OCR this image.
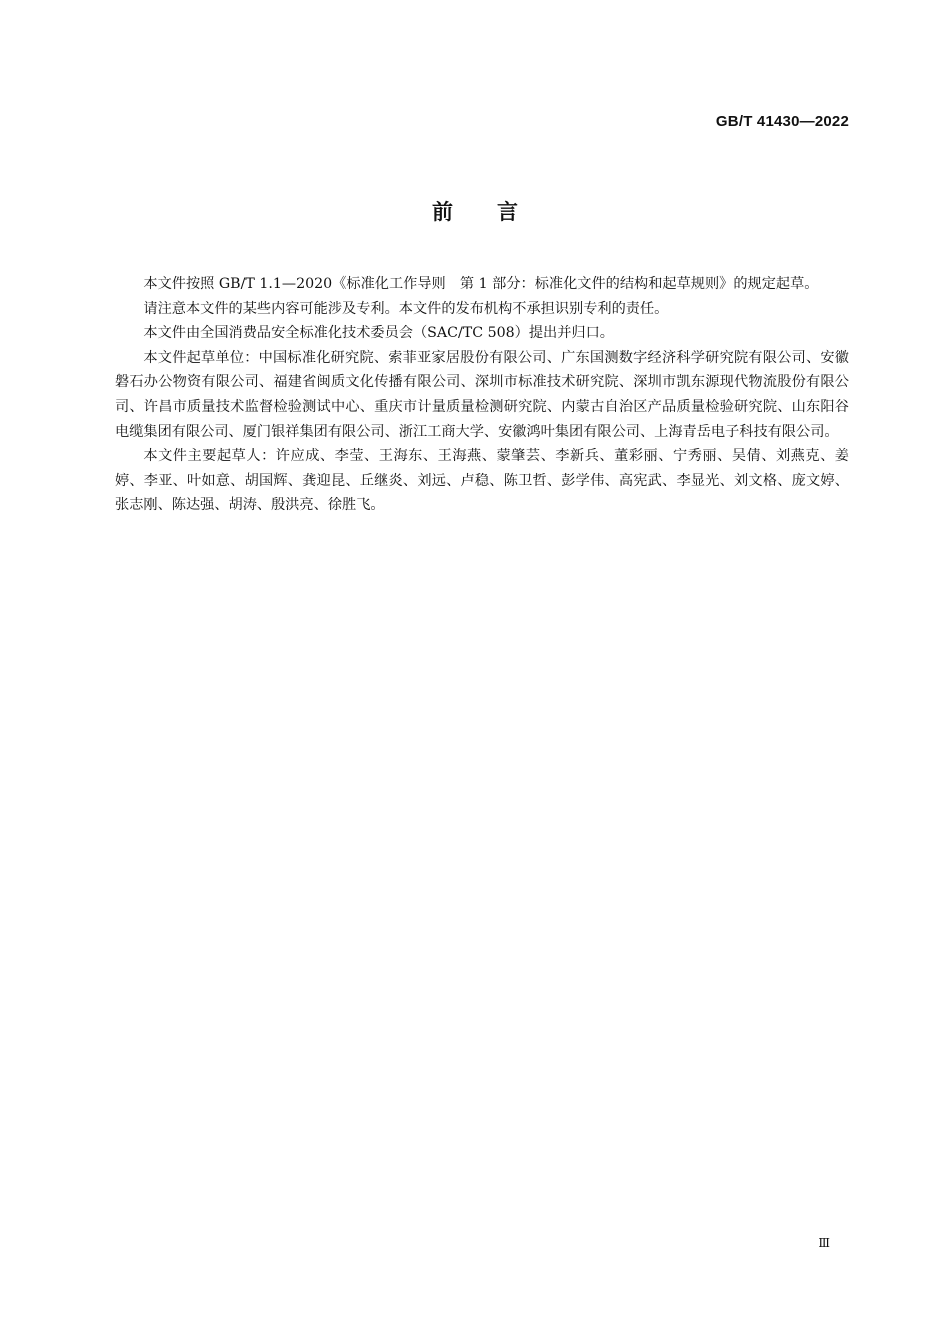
GB/T 41430—2022
前言

本文件按照 GB/T 1.1—2020《标准化工作导则　第 1 部分：标准化文件的结构和起草规则》的规定起草。

请注意本文件的某些内容可能涉及专利。本文件的发布机构不承担识别专利的责任。

本文件由全国消费品安全标准化技术委员会（SAC/TC 508）提出并归口。

本文件起草单位：中国标准化研究院、索菲亚家居股份有限公司、广东国测数字经济科学研究院有限公司、安徽磐石办公物资有限公司、福建省闽质文化传播有限公司、深圳市标准技术研究院、深圳市凯东源现代物流股份有限公司、许昌市质量技术监督检验测试中心、重庆市计量质量检测研究院、内蒙古自治区产品质量检验研究院、山东阳谷电缆集团有限公司、厦门银祥集团有限公司、浙江工商大学、安徽鸿叶集团有限公司、上海青岳电子科技有限公司。

本文件主要起草人：许应成、李莹、王海东、王海燕、蒙肇芸、李新兵、董彩丽、宁秀丽、吴倩、刘燕克、姜婷、李亚、叶如意、胡国辉、龚迎昆、丘继炎、刘远、卢稳、陈卫哲、彭学伟、高宪武、李显光、刘文格、庞文婷、张志刚、陈达强、胡涛、殷洪亮、徐胜飞。

Ⅲ
